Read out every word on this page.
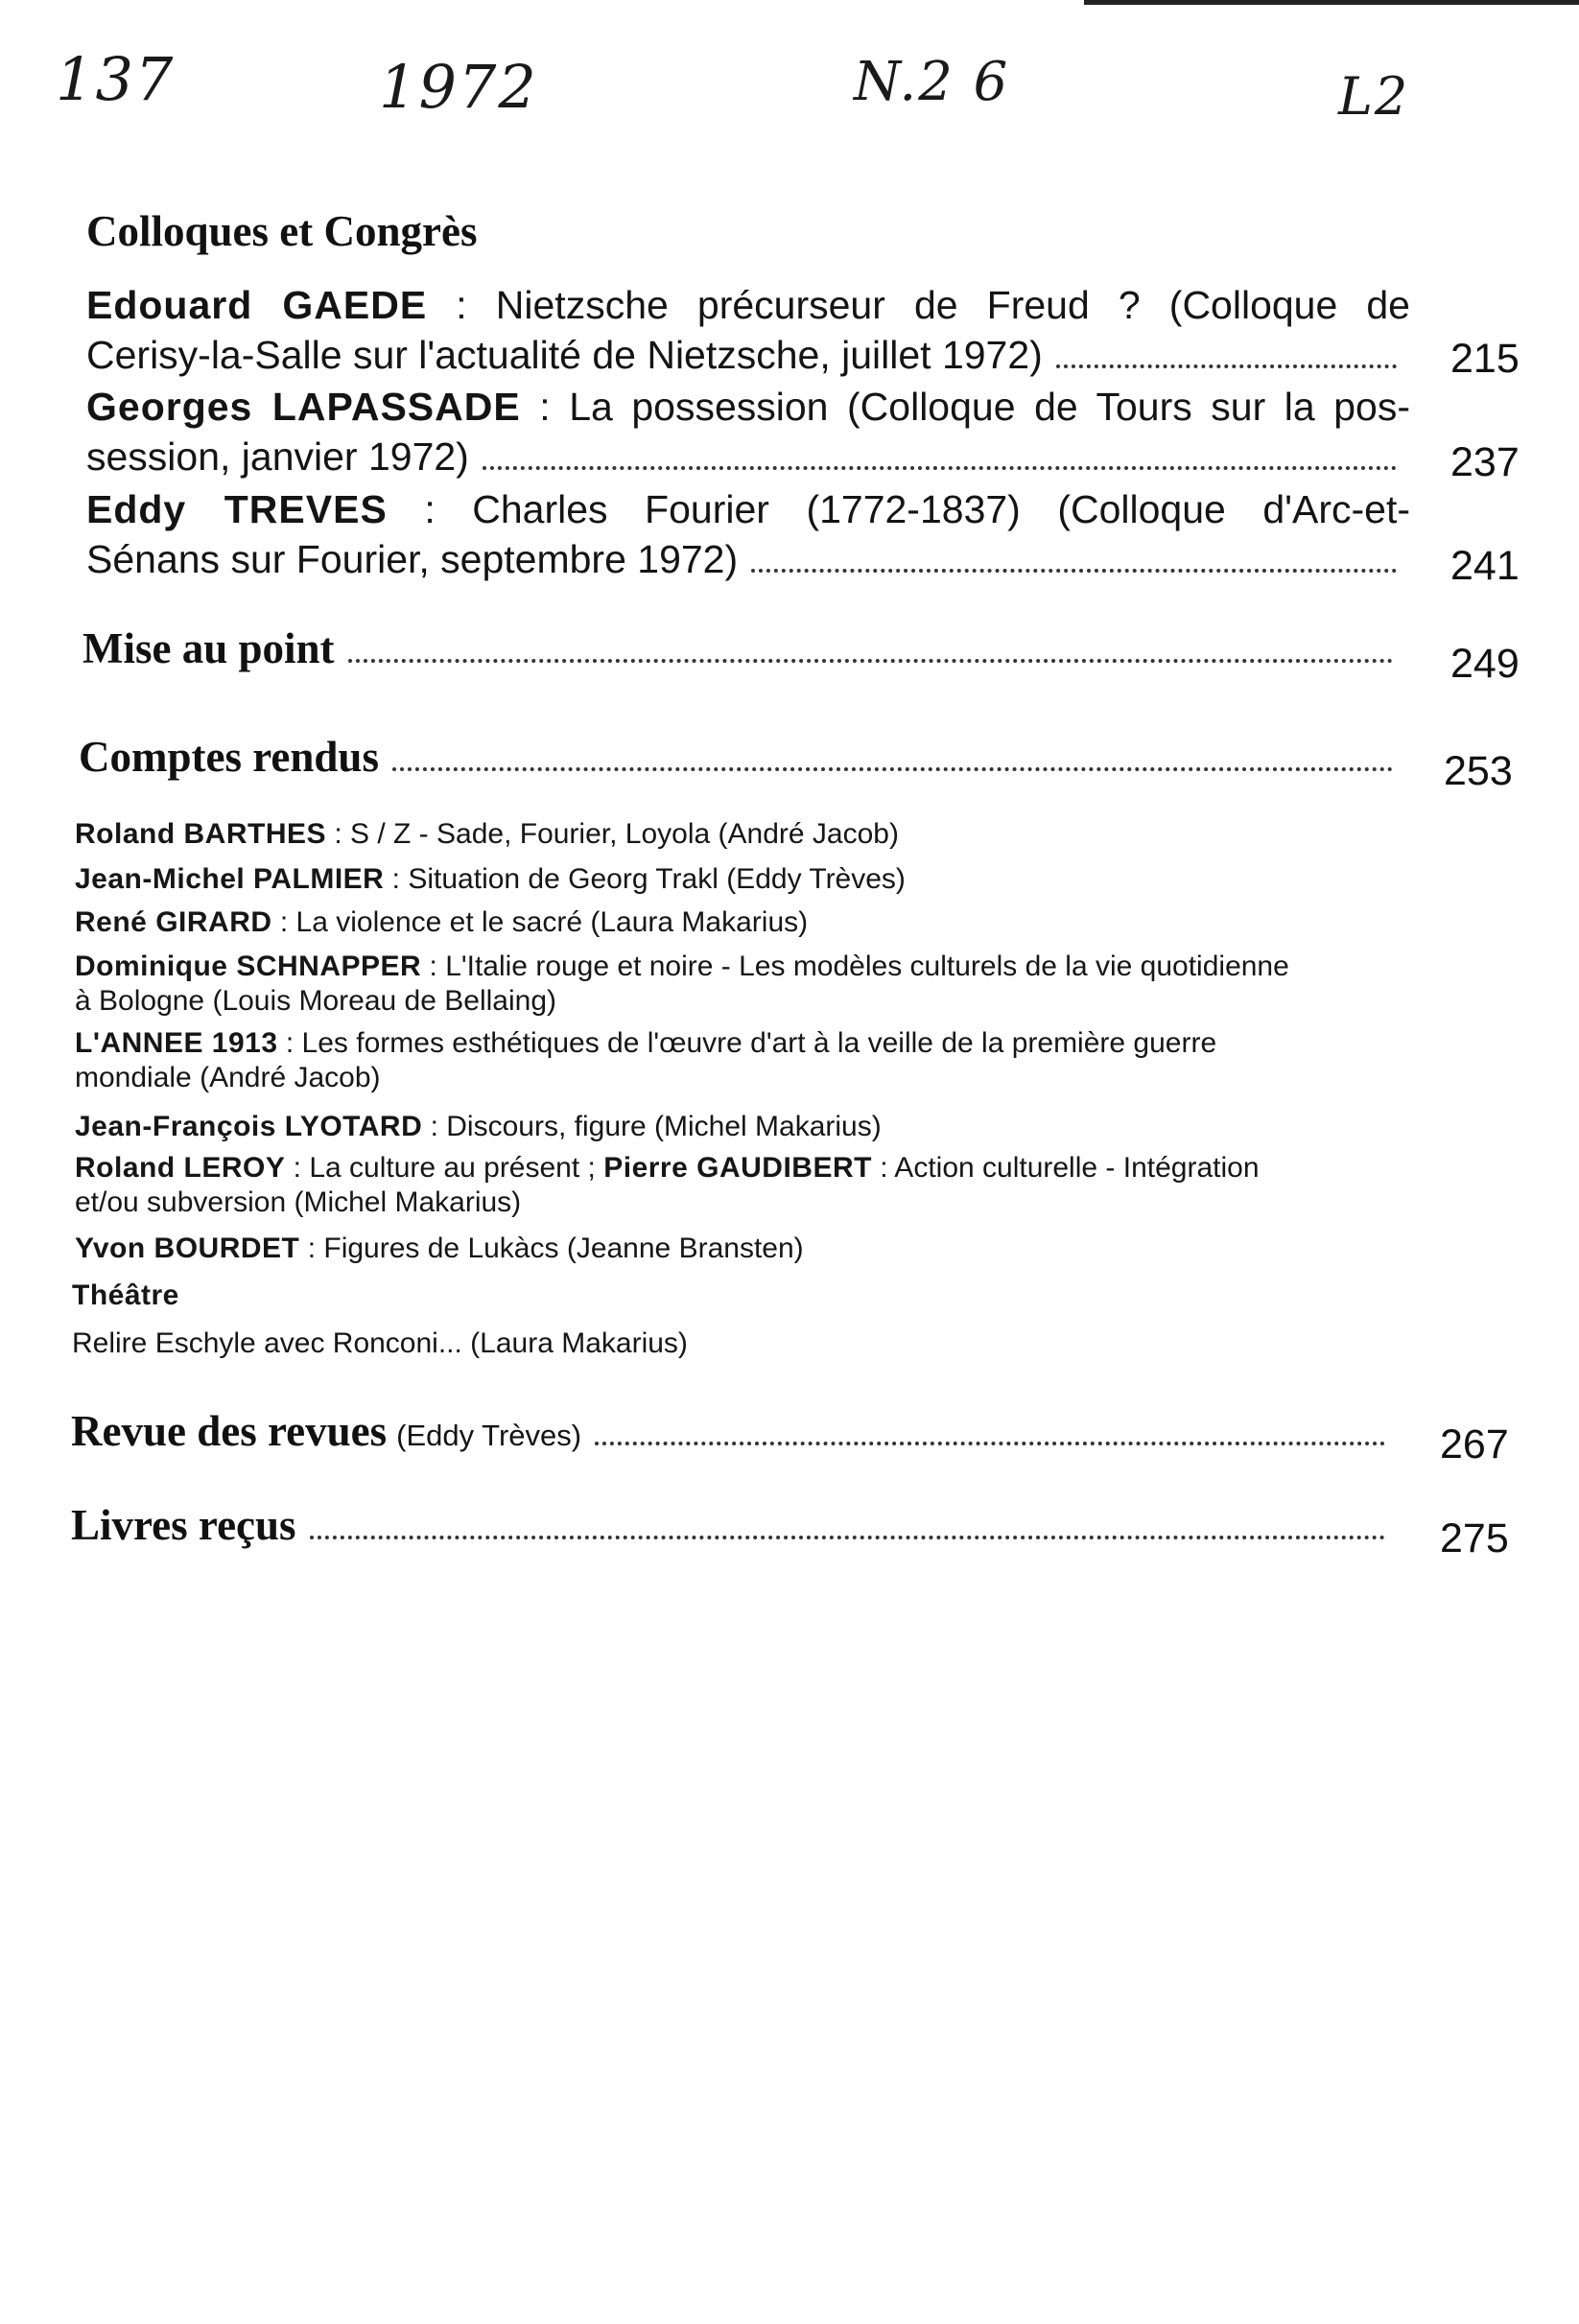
137	1972	N.2 6	L2
Colloques et Congrès
Edouard GAEDE : Nietzsche précurseur de Freud ? (Colloque de
Cerisy-la-Salle sur l'actualité de Nietzsche, juillet 1972)	215
Georges LAPASSADE : La possession (Colloque de Tours sur la pos-
session, janvier 1972)	237
Eddy TREVES : Charles Fourier (1772-1837) (Colloque d'Arc-et-
Sénans sur Fourier, septembre 1972)	241
Mise au point	249
Comptes rendus	253
Roland BARTHES : S / Z - Sade, Fourier, Loyola (André Jacob)
Jean-Michel PALMIER : Situation de Georg Trakl (Eddy Trèves)
René GIRARD : La violence et le sacré (Laura Makarius)
Dominique SCHNAPPER : L'Italie rouge et noire - Les modèles culturels de la vie quotidienne
à Bologne (Louis Moreau de Bellaing)
L'ANNEE 1913 : Les formes esthétiques de l'œuvre d'art à la veille de la première guerre
mondiale (André Jacob)
Jean-François LYOTARD : Discours, figure (Michel Makarius)
Roland LEROY : La culture au présent ; Pierre GAUDIBERT : Action culturelle - Intégration
et/ou subversion (Michel Makarius)
Yvon BOURDET : Figures de Lukàcs (Jeanne Bransten)
Théâtre
Relire Eschyle avec Ronconi... (Laura Makarius)
Revue des revues (Eddy Trèves)	267
Livres reçus	275
